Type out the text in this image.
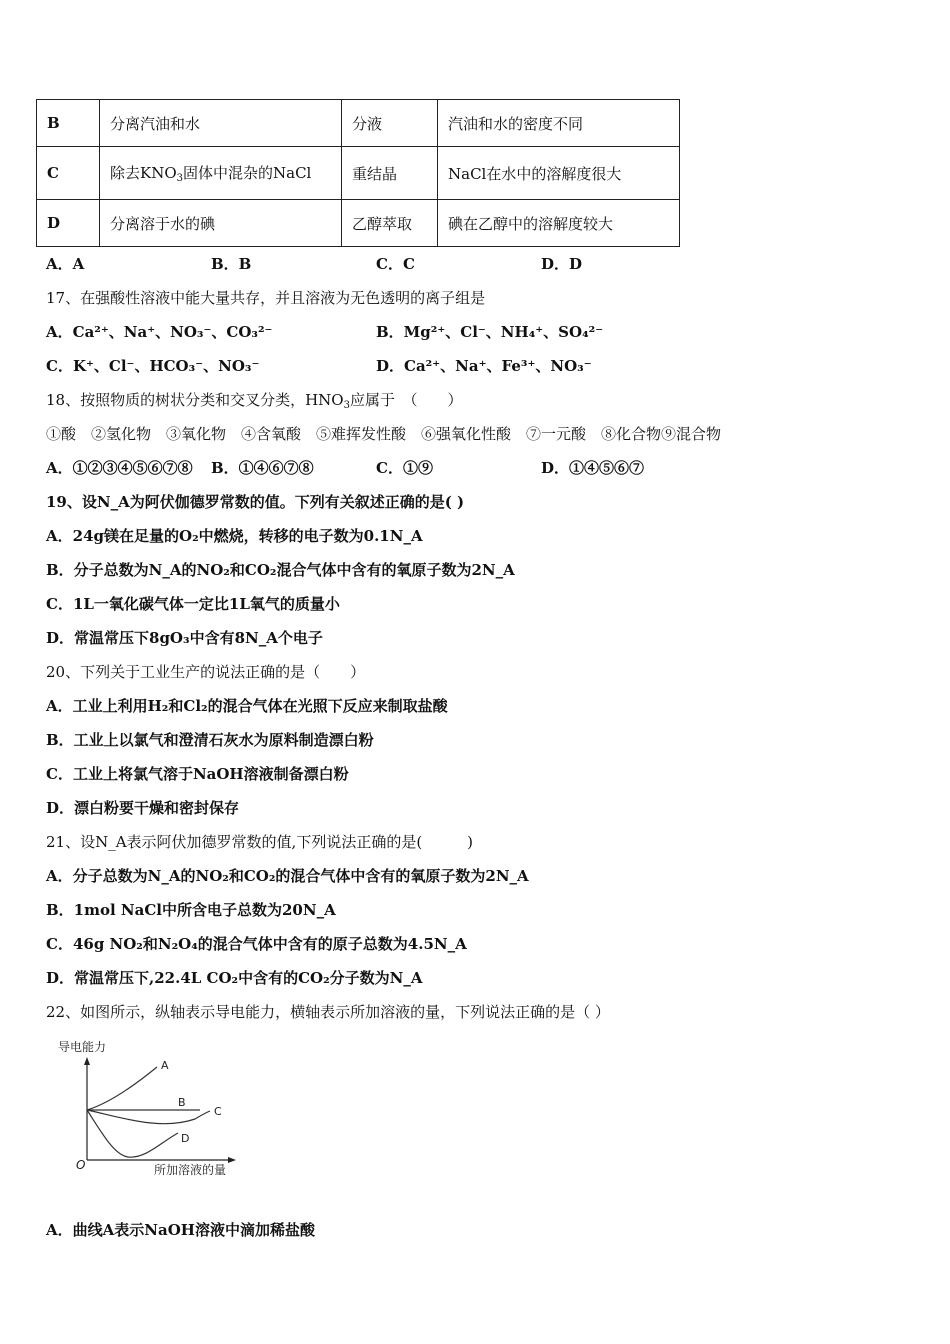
B	分离汽油和水	分液	汽油和水的密度不同
C	除去$KNO_3$固体中混杂的NaCl	重结晶	NaCl在水中的溶解度很大
D	分离溶于水的碘	乙醇萃取	碘在乙醇中的溶解度较大
A．A	B．B	C．C	D．D
17、在强酸性溶液中能大量共存，并且溶液为无色透明的离子组是
A．Ca²⁺、Na⁺、NO₃⁻、CO₃²⁻	B．Mg²⁺、Cl⁻、NH₄⁺、SO₄²⁻
C．K⁺、Cl⁻、HCO₃⁻、NO₃⁻	D．Ca²⁺、Na⁺、Fe³⁺、NO₃⁻
18、按照物质的树状分类和交叉分类，$HNO_3$应属于　（　　）
①酸　②氢化物　③氧化物　④含氧酸　⑤难挥发性酸　⑥强氧化性酸　⑦一元酸　⑧化合物⑨混合物
A．①②③④⑤⑥⑦⑧ B．①④⑥⑦⑧	C．①⑨	D．①④⑤⑥⑦
19、设N_A为阿伏伽德罗常数的值。下列有关叙述正确的是( )
A．24g镁在足量的O₂中燃烧，转移的电子数为0.1N_A
B．分子总数为N_A的NO₂和CO₂混合气体中含有的氧原子数为2N_A
C．1L一氧化碳气体一定比1L氧气的质量小
D．常温常压下8gO₃中含有8N_A个电子
20、下列关于工业生产的说法正确的是（　　）
A．工业上利用H₂和Cl₂的混合气体在光照下反应来制取盐酸
B．工业上以氯气和澄清石灰水为原料制造漂白粉
C．工业上将氯气溶于NaOH溶液制备漂白粉
D．漂白粉要干燥和密封保存
21、设N_A表示阿伏加德罗常数的值,下列说法正确的是(　　　)
A．分子总数为N_A的NO₂和CO₂的混合气体中含有的氧原子数为2N_A
B．1mol NaCl中所含电子总数为20N_A
C．46g NO₂和N₂O₄的混合气体中含有的原子总数为4.5N_A
D．常温常压下,22.4L CO₂中含有的CO₂分子数为N_A
22、如图所示，纵轴表示导电能力，横轴表示所加溶液的量，下列说法正确的是（ ）
导电能力
O	所加溶液的量
A
B
C
D
A．曲线A表示NaOH溶液中滴加稀盐酸
